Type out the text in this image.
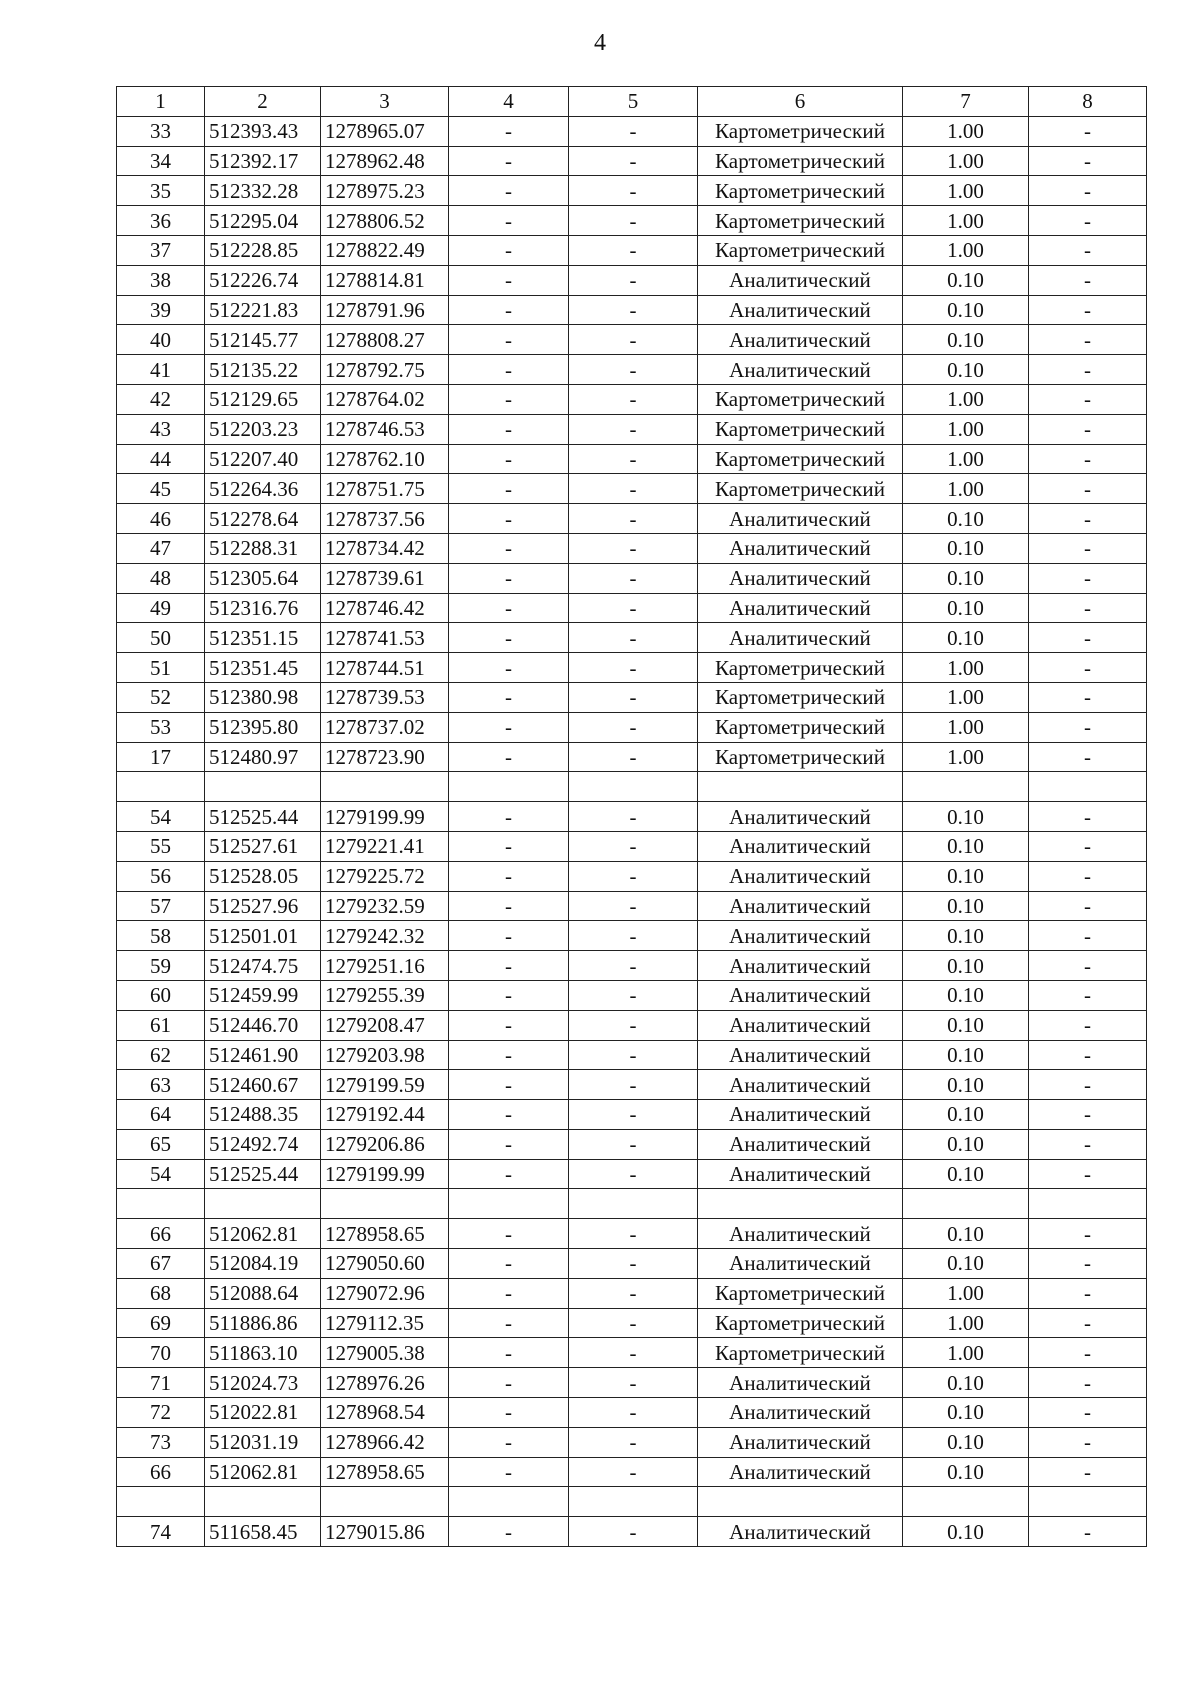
4
1	2	3	4	5	6	7	8
33	512393.43	1278965.07	-	-	Картометрический	1.00	-
34	512392.17	1278962.48	-	-	Картометрический	1.00	-
35	512332.28	1278975.23	-	-	Картометрический	1.00	-
36	512295.04	1278806.52	-	-	Картометрический	1.00	-
37	512228.85	1278822.49	-	-	Картометрический	1.00	-
38	512226.74	1278814.81	-	-	Аналитический	0.10	-
39	512221.83	1278791.96	-	-	Аналитический	0.10	-
40	512145.77	1278808.27	-	-	Аналитический	0.10	-
41	512135.22	1278792.75	-	-	Аналитический	0.10	-
42	512129.65	1278764.02	-	-	Картометрический	1.00	-
43	512203.23	1278746.53	-	-	Картометрический	1.00	-
44	512207.40	1278762.10	-	-	Картометрический	1.00	-
45	512264.36	1278751.75	-	-	Картометрический	1.00	-
46	512278.64	1278737.56	-	-	Аналитический	0.10	-
47	512288.31	1278734.42	-	-	Аналитический	0.10	-
48	512305.64	1278739.61	-	-	Аналитический	0.10	-
49	512316.76	1278746.42	-	-	Аналитический	0.10	-
50	512351.15	1278741.53	-	-	Аналитический	0.10	-
51	512351.45	1278744.51	-	-	Картометрический	1.00	-
52	512380.98	1278739.53	-	-	Картометрический	1.00	-
53	512395.80	1278737.02	-	-	Картометрический	1.00	-
17	512480.97	1278723.90	-	-	Картометрический	1.00	-

54	512525.44	1279199.99	-	-	Аналитический	0.10	-
55	512527.61	1279221.41	-	-	Аналитический	0.10	-
56	512528.05	1279225.72	-	-	Аналитический	0.10	-
57	512527.96	1279232.59	-	-	Аналитический	0.10	-
58	512501.01	1279242.32	-	-	Аналитический	0.10	-
59	512474.75	1279251.16	-	-	Аналитический	0.10	-
60	512459.99	1279255.39	-	-	Аналитический	0.10	-
61	512446.70	1279208.47	-	-	Аналитический	0.10	-
62	512461.90	1279203.98	-	-	Аналитический	0.10	-
63	512460.67	1279199.59	-	-	Аналитический	0.10	-
64	512488.35	1279192.44	-	-	Аналитический	0.10	-
65	512492.74	1279206.86	-	-	Аналитический	0.10	-
54	512525.44	1279199.99	-	-	Аналитический	0.10	-

66	512062.81	1278958.65	-	-	Аналитический	0.10	-
67	512084.19	1279050.60	-	-	Аналитический	0.10	-
68	512088.64	1279072.96	-	-	Картометрический	1.00	-
69	511886.86	1279112.35	-	-	Картометрический	1.00	-
70	511863.10	1279005.38	-	-	Картометрический	1.00	-
71	512024.73	1278976.26	-	-	Аналитический	0.10	-
72	512022.81	1278968.54	-	-	Аналитический	0.10	-
73	512031.19	1278966.42	-	-	Аналитический	0.10	-
66	512062.81	1278958.65	-	-	Аналитический	0.10	-

74	511658.45	1279015.86	-	-	Аналитический	0.10	-
